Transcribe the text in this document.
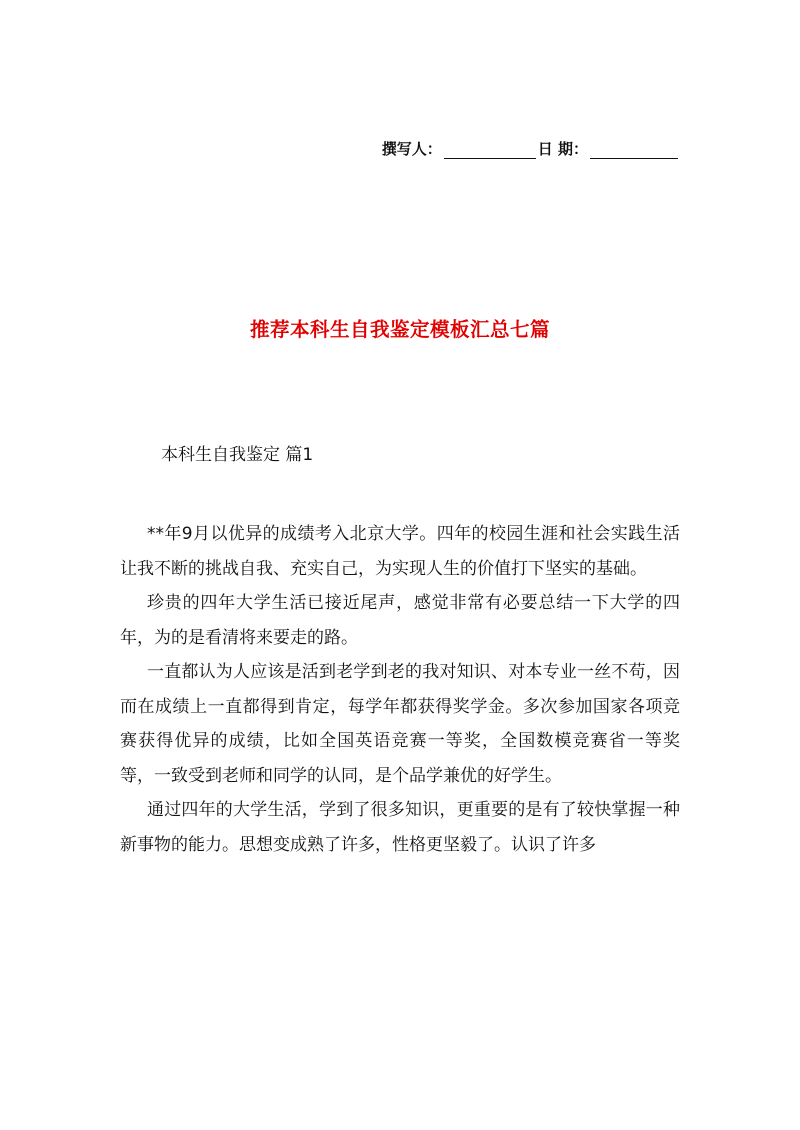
撰写人：	日 期：
推荐本科生自我鉴定模板汇总七篇
本科生自我鉴定 篇1

**年9月以优异的成绩考入北京大学。四年的校园生涯和社会实践生活让我不断的挑战自我、充实自己，为实现人生的价值打下坚实的基础。

珍贵的四年大学生活已接近尾声，感觉非常有必要总结一下大学的四年，为的是看清将来要走的路。

一直都认为人应该是活到老学到老的我对知识、对本专业一丝不苟，因而在成绩上一直都得到肯定，每学年都获得奖学金。多次参加国家各项竞赛获得优异的成绩，比如全国英语竞赛一等奖，全国数模竞赛省一等奖等，一致受到老师和同学的认同，是个品学兼优的好学生。

通过四年的大学生活，学到了很多知识，更重要的是有了较快掌握一种新事物的能力。思想变成熟了许多，性格更坚毅了。认识了许多
